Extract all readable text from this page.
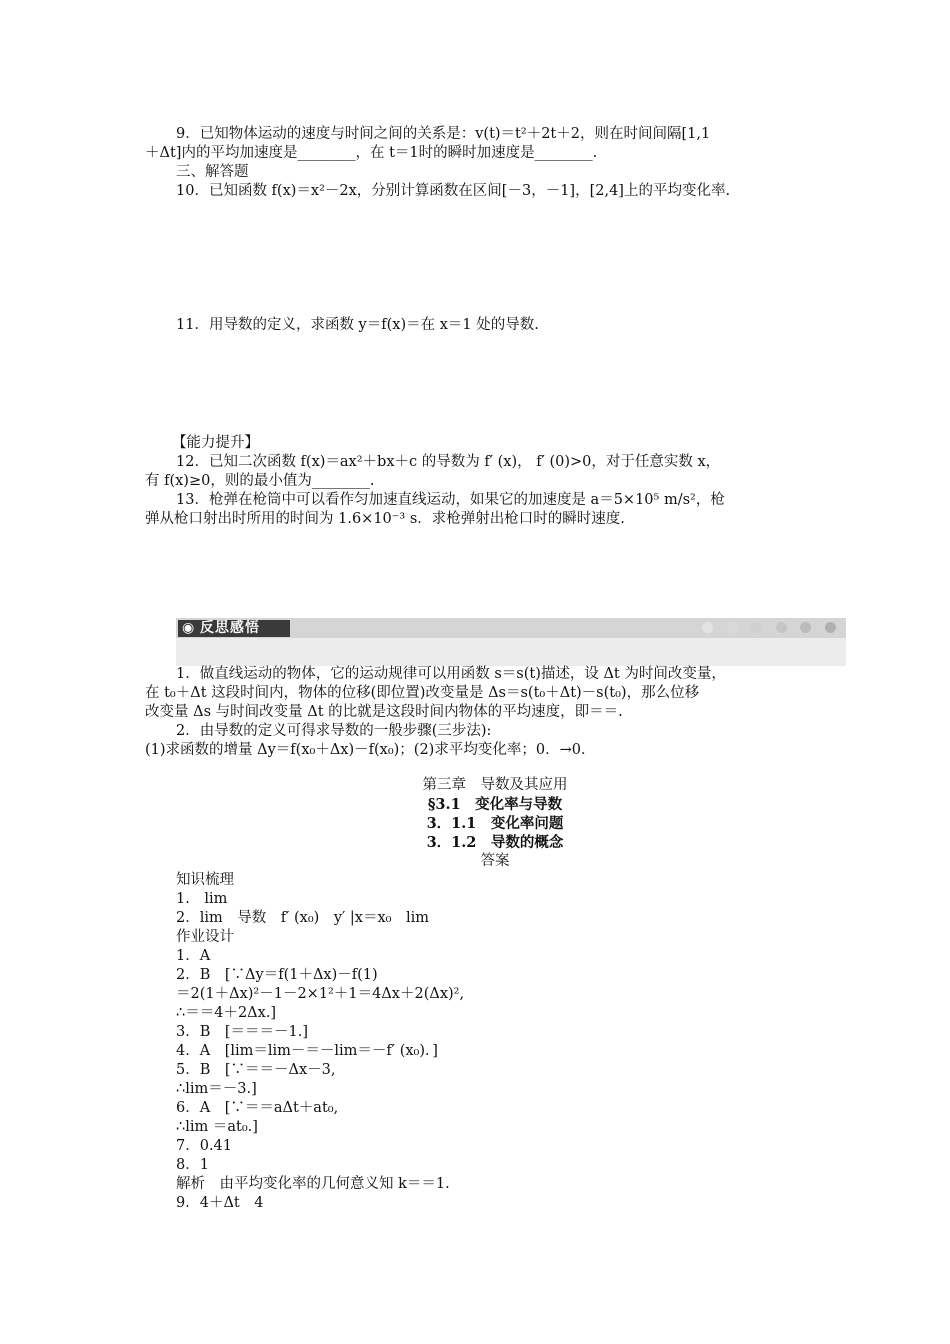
9．已知物体运动的速度与时间之间的关系是：v(t)＝t²＋2t＋2，则在时间间隔[1,1
＋Δt]内的平均加速度是________，在 t＝1时的瞬时加速度是________.
三、解答题
10．已知函数 f(x)＝x²－2x，分别计算函数在区间[－3，－1]，[2,4]上的平均变化率.
11．用导数的定义，求函数 y＝f(x)＝在 x＝1 处的导数.
【能力提升】
12．已知二次函数 f(x)＝ax²＋bx＋c 的导数为 f′ (x)， f′ (0)>0，对于任意实数 x，
有 f(x)≥0，则的最小值为________.
13．枪弹在枪筒中可以看作匀加速直线运动，如果它的加速度是 a＝5×10⁵ m/s²，枪
弹从枪口射出时所用的时间为 1.6×10⁻³ s．求枪弹射出枪口时的瞬时速度.
◉ 反思感悟

1．做直线运动的物体，它的运动规律可以用函数 s＝s(t)描述，设 Δt 为时间改变量，
在 t₀＋Δt 这段时间内，物体的位移(即位置)改变量是 Δs＝s(t₀＋Δt)－s(t₀)，那么位移
改变量 Δs 与时间改变量 Δt 的比就是这段时间内物体的平均速度，即＝＝.
2．由导数的定义可得求导数的一般步骤(三步法):
(1)求函数的增量 Δy＝f(x₀＋Δx)－f(x₀)；(2)求平均变化率；0．→0．
第三章　导数及其应用
§3.1　变化率与导数
3．1.1　变化率问题
3．1.2　导数的概念
答案
知识梳理
1.　lim
2．lim　导数　f′ (x₀)　y′ |x＝x₀　lim
作业设计
1．A
2．B　[∵Δy＝f(1＋Δx)－f(1)
＝2(1＋Δx)²－1－2×1²＋1＝4Δx＋2(Δx)²,
∴＝＝4＋2Δx.]
3．B　[＝＝＝－1.]
4．A　[lim＝lim－＝－lim＝－f′ (x₀)．]
5．B　[∵＝＝－Δx－3,
∴lim＝－3.]
6．A　[∵＝＝aΔt＋at₀,
∴lim ＝at₀.]
7．0.41
8．1
解析　由平均变化率的几何意义知 k＝＝1.
9．4＋Δt　4
